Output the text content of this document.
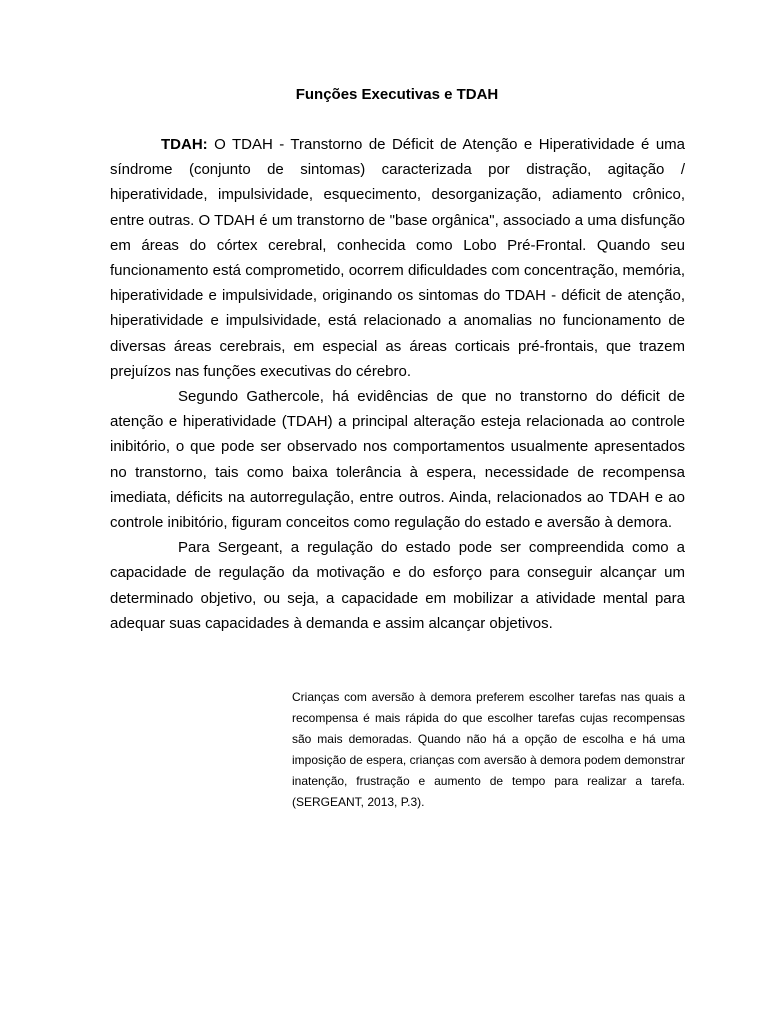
Funções Executivas e TDAH

TDAH: O TDAH - Transtorno de Déficit de Atenção e Hiperatividade é uma síndrome (conjunto de sintomas) caracterizada por distração, agitação / hiperatividade, impulsividade, esquecimento, desorganização, adiamento crônico, entre outras. O TDAH é um transtorno de "base orgânica", associado a uma disfunção em áreas do córtex cerebral, conhecida como Lobo Pré-Frontal. Quando seu funcionamento está comprometido, ocorrem dificuldades com concentração, memória, hiperatividade e impulsividade, originando os sintomas do TDAH - déficit de atenção, hiperatividade e impulsividade, está relacionado a anomalias no funcionamento de diversas áreas cerebrais, em especial as áreas corticais pré-frontais, que trazem prejuízos nas funções executivas do cérebro.

Segundo Gathercole, há evidências de que no transtorno do déficit de atenção e hiperatividade (TDAH) a principal alteração esteja relacionada ao controle inibitório, o que pode ser observado nos comportamentos usualmente apresentados no transtorno, tais como baixa tolerância à espera, necessidade de recompensa imediata, déficits na autorregulação, entre outros. Ainda, relacionados ao TDAH e ao controle inibitório, figuram conceitos como regulação do estado e aversão à demora.

Para Sergeant, a regulação do estado pode ser compreendida como a capacidade de regulação da motivação e do esforço para conseguir alcançar um determinado objetivo, ou seja, a capacidade em mobilizar a atividade mental para adequar suas capacidades à demanda e assim alcançar objetivos.

Crianças com aversão à demora preferem escolher tarefas nas quais a recompensa é mais rápida do que escolher tarefas cujas recompensas são mais demoradas. Quando não há a opção de escolha e há uma imposição de espera, crianças com aversão à demora podem demonstrar inatenção, frustração e aumento de tempo para realizar a tarefa. (SERGEANT, 2013, P.3).
